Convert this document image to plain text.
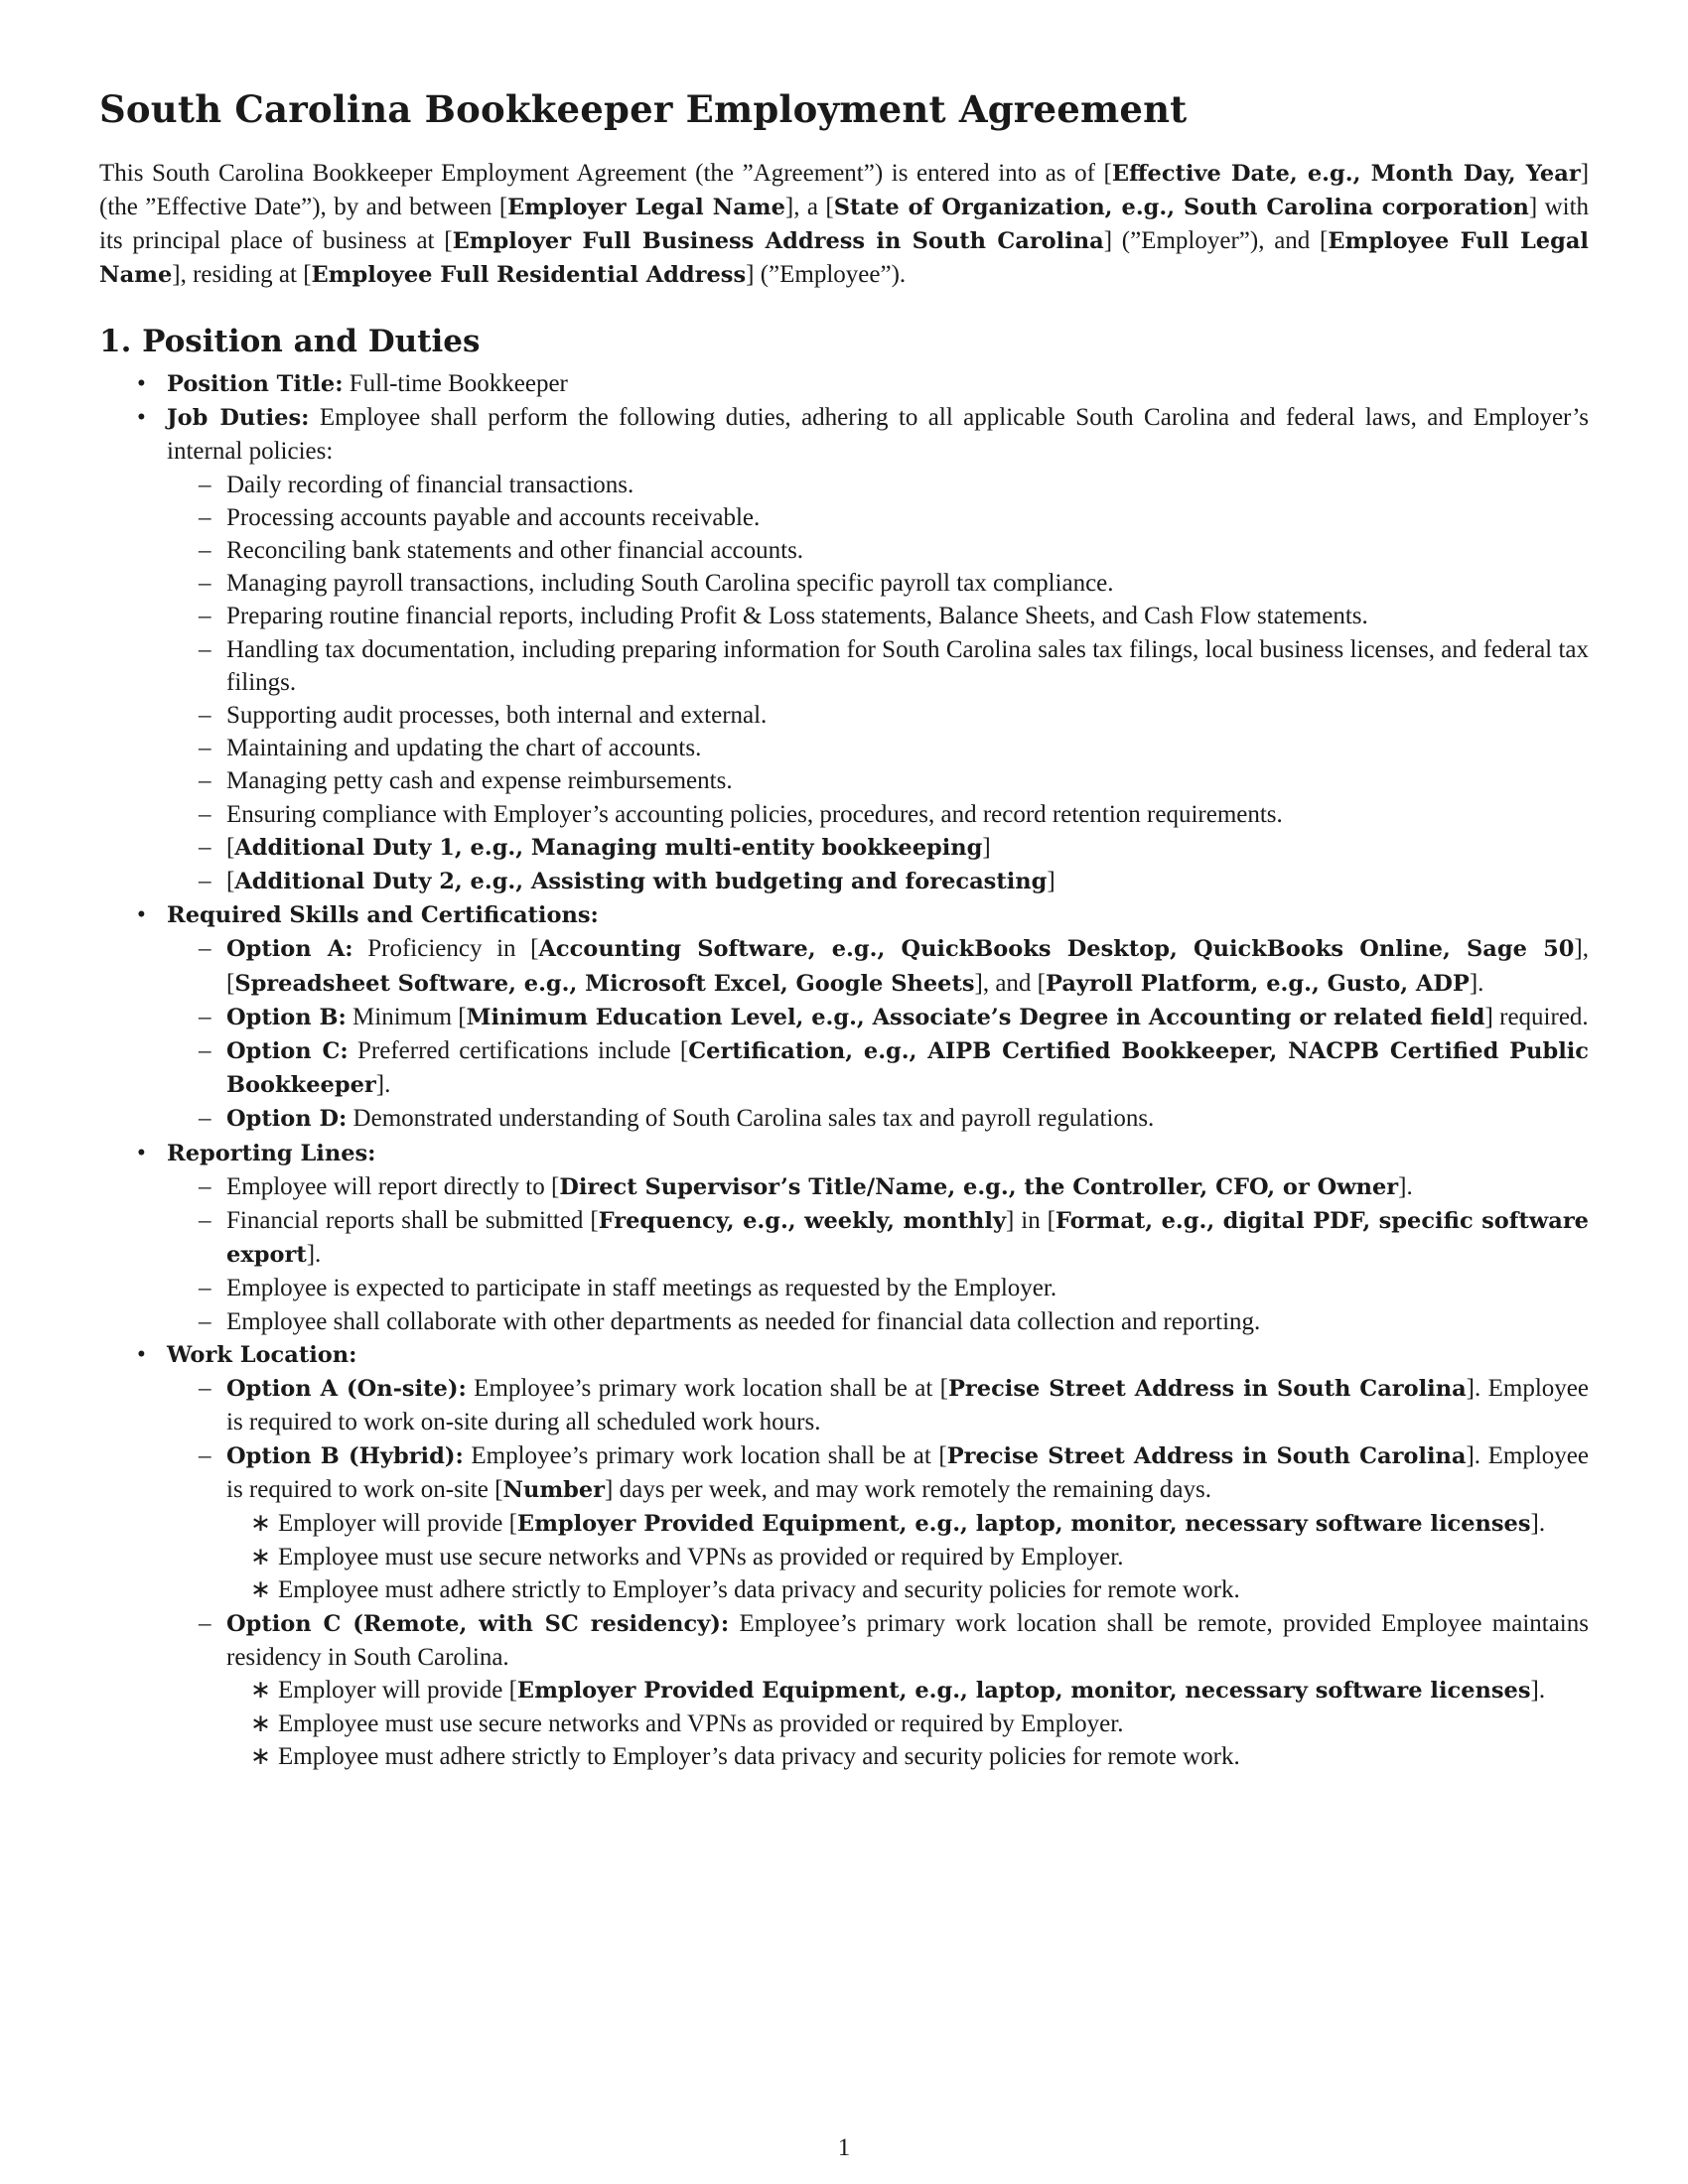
South Carolina Bookkeeper Employment Agreement

This South Carolina Bookkeeper Employment Agreement (the ”Agreement”) is entered into as of [Effective Date, e.g., Month Day, Year] (the ”Effective Date”), by and between [Employer Legal Name], a [State of Organization, e.g., South Carolina corporation] with its principal place of business at [Employer Full Business Address in South Carolina] (”Employer”), and [Employee Full Legal Name], residing at [Employee Full Residential Address] (”Employee”).

1. Position and Duties
• Position Title: Full-time Bookkeeper
• Job Duties: Employee shall perform the following duties, adhering to all applicable South Carolina and federal laws, and Employer’s internal policies:
– Daily recording of financial transactions.
– Processing accounts payable and accounts receivable.
– Reconciling bank statements and other financial accounts.
– Managing payroll transactions, including South Carolina specific payroll tax compliance.
– Preparing routine financial reports, including Profit & Loss statements, Balance Sheets, and Cash Flow statements.
– Handling tax documentation, including preparing information for South Carolina sales tax filings, local business licenses, and federal tax filings.
– Supporting audit processes, both internal and external.
– Maintaining and updating the chart of accounts.
– Managing petty cash and expense reimbursements.
– Ensuring compliance with Employer’s accounting policies, procedures, and record retention requirements.
– [Additional Duty 1, e.g., Managing multi-entity bookkeeping]
– [Additional Duty 2, e.g., Assisting with budgeting and forecasting]
• Required Skills and Certifications:
– Option A: Proficiency in [Accounting Software, e.g., QuickBooks Desktop, QuickBooks Online, Sage 50], [Spreadsheet Software, e.g., Microsoft Excel, Google Sheets], and [Payroll Platform, e.g., Gusto, ADP].
– Option B: Minimum [Minimum Education Level, e.g., Associate’s Degree in Accounting or related field] required.
– Option C: Preferred certifications include [Certification, e.g., AIPB Certified Bookkeeper, NACPB Certified Public Bookkeeper].
– Option D: Demonstrated understanding of South Carolina sales tax and payroll regulations.
• Reporting Lines:
– Employee will report directly to [Direct Supervisor’s Title/Name, e.g., the Controller, CFO, or Owner].
– Financial reports shall be submitted [Frequency, e.g., weekly, monthly] in [Format, e.g., digital PDF, specific software export].
– Employee is expected to participate in staff meetings as requested by the Employer.
– Employee shall collaborate with other departments as needed for financial data collection and reporting.
• Work Location:
– Option A (On-site): Employee’s primary work location shall be at [Precise Street Address in South Carolina]. Employee is required to work on-site during all scheduled work hours.
– Option B (Hybrid): Employee’s primary work location shall be at [Precise Street Address in South Carolina]. Employee is required to work on-site [Number] days per week, and may work remotely the remaining days.
∗ Employer will provide [Employer Provided Equipment, e.g., laptop, monitor, necessary software licenses].
∗ Employee must use secure networks and VPNs as provided or required by Employer.
∗ Employee must adhere strictly to Employer’s data privacy and security policies for remote work.
– Option C (Remote, with SC residency): Employee’s primary work location shall be remote, provided Employee maintains residency in South Carolina.
∗ Employer will provide [Employer Provided Equipment, e.g., laptop, monitor, necessary software licenses].
∗ Employee must use secure networks and VPNs as provided or required by Employer.
∗ Employee must adhere strictly to Employer’s data privacy and security policies for remote work.
1
